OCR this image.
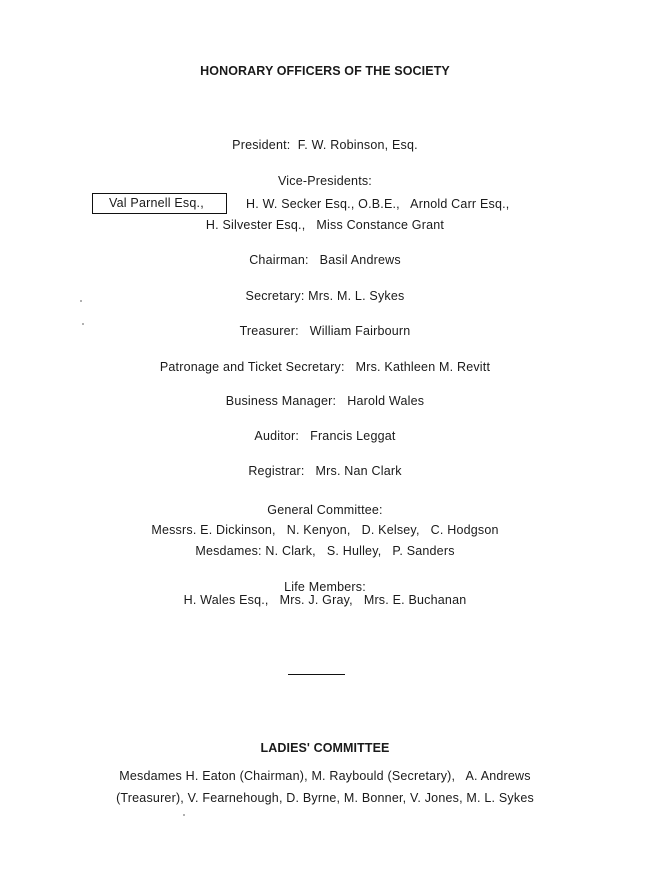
HONORARY OFFICERS OF THE SOCIETY
President:  F. W. Robinson, Esq.
Vice-Presidents:
Val Parnell Esq.,	H. W. Secker Esq., O.B.E.,   Arnold Carr Esq.,
H. Silvester Esq.,   Miss Constance Grant
Chairman:   Basil Andrews
Secretary: Mrs. M. L. Sykes
Treasurer:   William Fairbourn
Patronage and Ticket Secretary:   Mrs. Kathleen M. Revitt
Business Manager:   Harold Wales
Auditor:   Francis Leggat
Registrar:   Mrs. Nan Clark
General Committee:
Messrs. E. Dickinson,   N. Kenyon,   D. Kelsey,   C. Hodgson
Mesdames: N. Clark,   S. Hulley,   P. Sanders
Life Members:
H. Wales Esq.,   Mrs. J. Gray,   Mrs. E. Buchanan
LADIES' COMMITTEE
Mesdames H. Eaton (Chairman), M. Raybould (Secretary),   A. Andrews
(Treasurer), V. Fearnehough, D. Byrne, M. Bonner, V. Jones, M. L. Sykes
